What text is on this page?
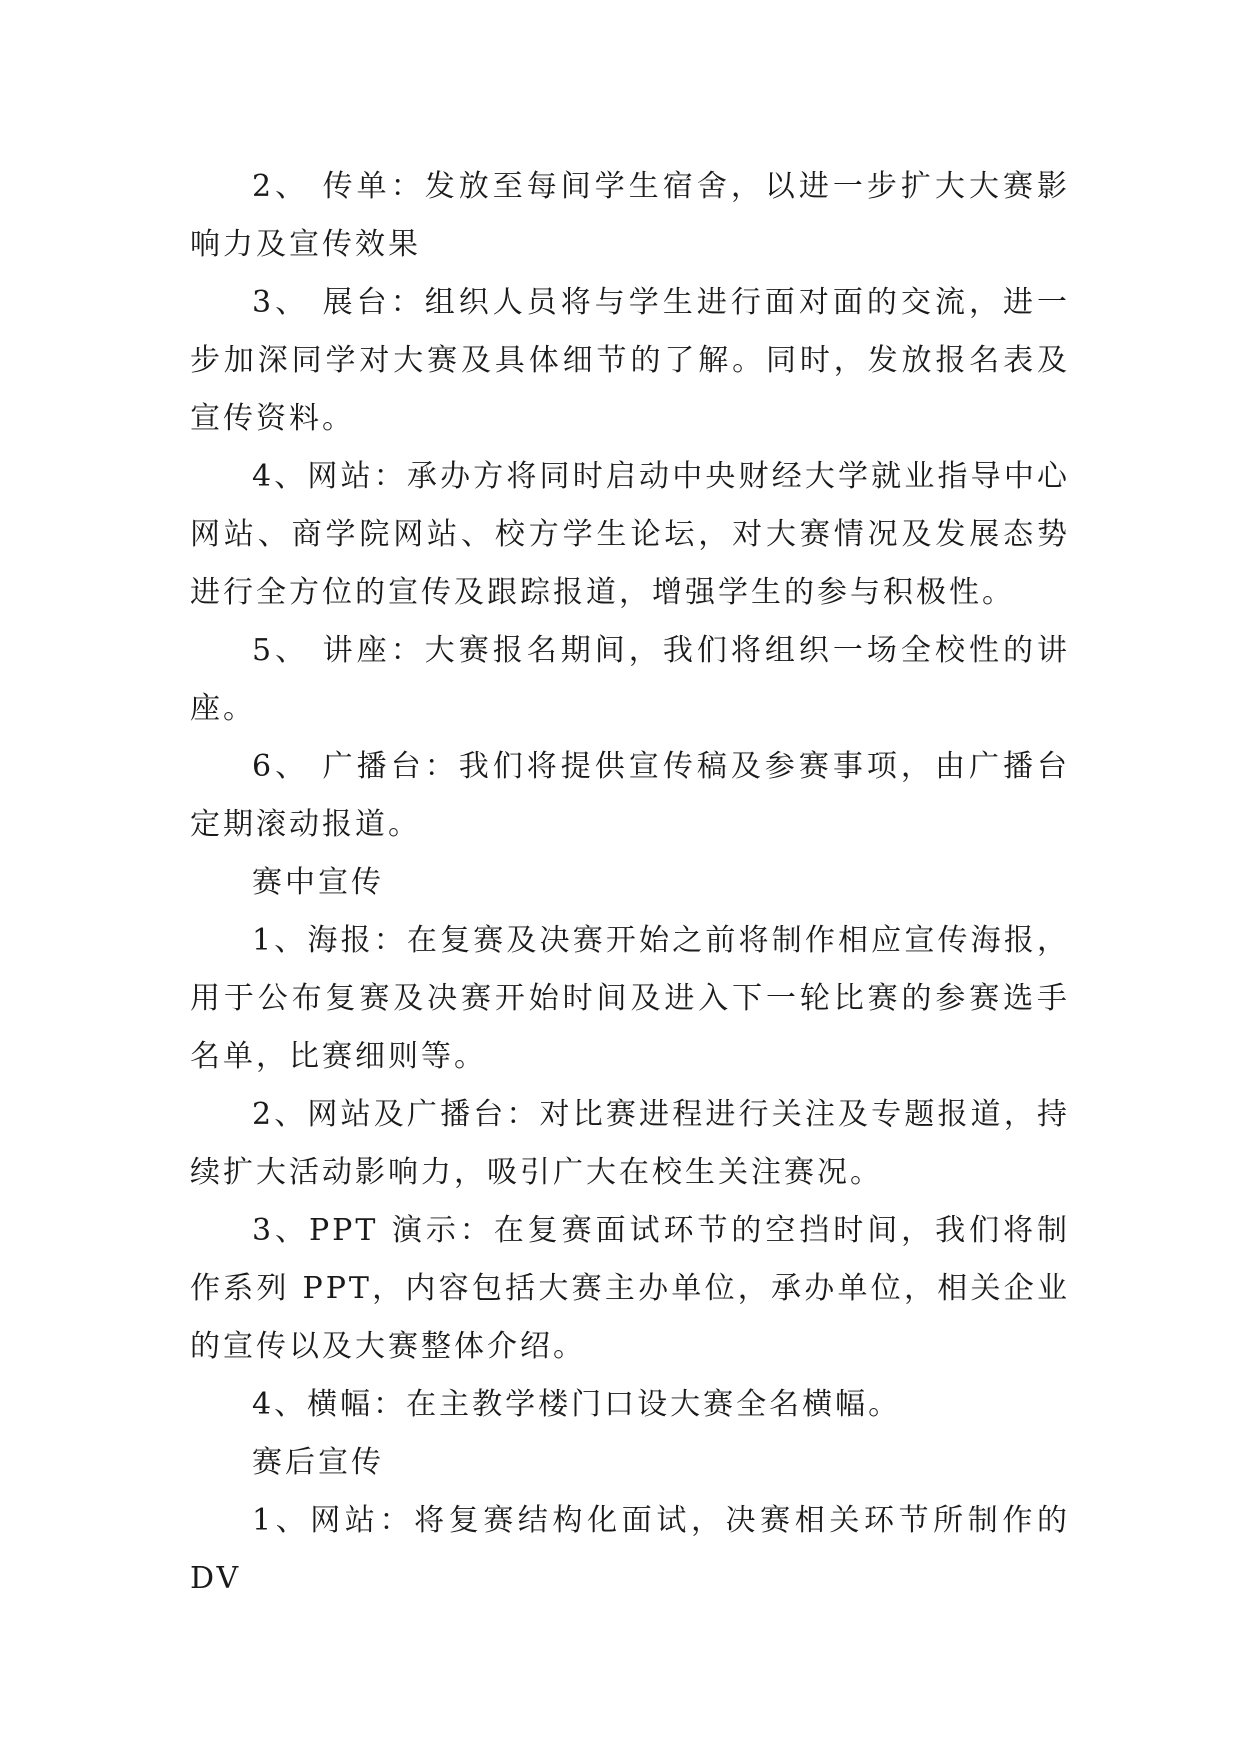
2、 传单：发放至每间学生宿舍，以进一步扩大大赛影响力及宣传效果

3、 展台：组织人员将与学生进行面对面的交流，进一步加深同学对大赛及具体细节的了解。同时，发放报名表及宣传资料。

4、网站：承办方将同时启动中央财经大学就业指导中心网站、商学院网站、校方学生论坛，对大赛情况及发展态势进行全方位的宣传及跟踪报道，增强学生的参与积极性。

5、 讲座：大赛报名期间，我们将组织一场全校性的讲座。

6、 广播台：我们将提供宣传稿及参赛事项，由广播台定期滚动报道。

赛中宣传

1、海报：在复赛及决赛开始之前将制作相应宣传海报，用于公布复赛及决赛开始时间及进入下一轮比赛的参赛选手名单，比赛细则等。

2、网站及广播台：对比赛进程进行关注及专题报道，持续扩大活动影响力，吸引广大在校生关注赛况。

3、PPT 演示：在复赛面试环节的空挡时间，我们将制作系列 PPT，内容包括大赛主办单位，承办单位，相关企业的宣传以及大赛整体介绍。

4、横幅：在主教学楼门口设大赛全名横幅。

赛后宣传

1、网站：将复赛结构化面试，决赛相关环节所制作的 DV
